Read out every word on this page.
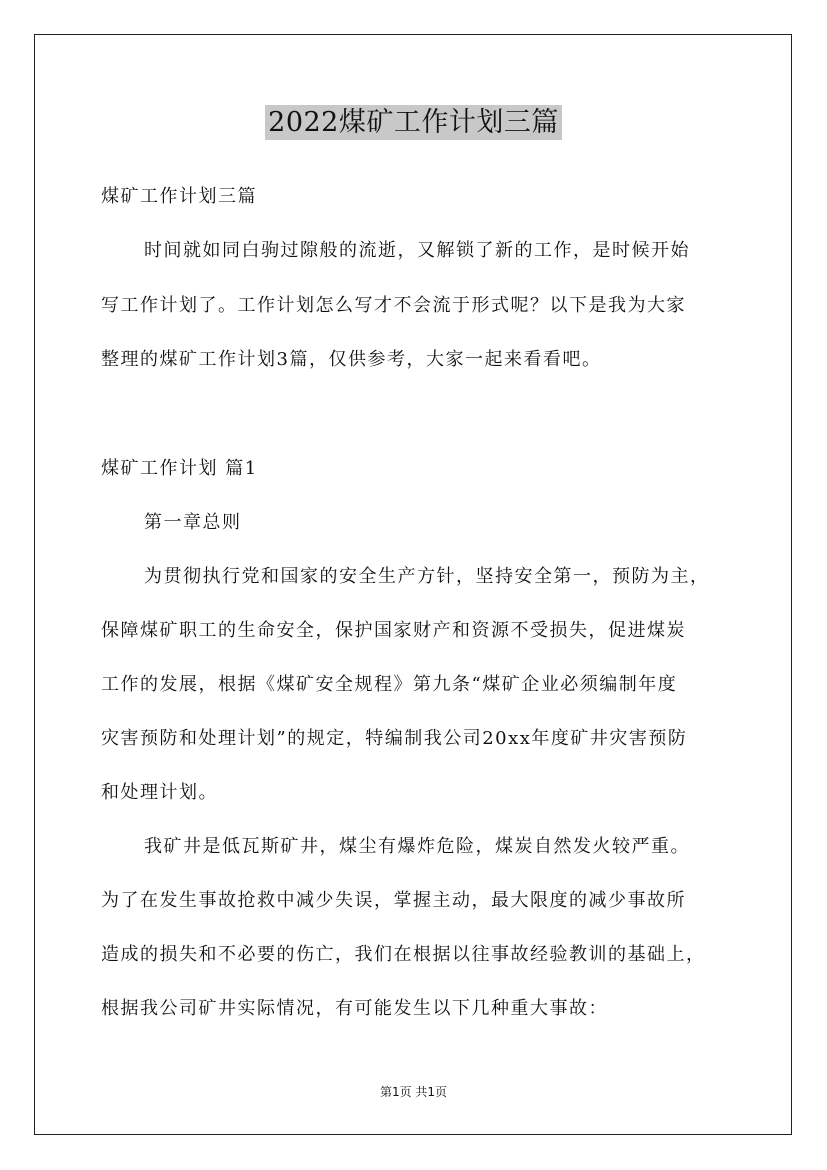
2022煤矿工作计划三篇
煤矿工作计划三篇
时间就如同白驹过隙般的流逝，又解锁了新的工作，是时候开始
写工作计划了。工作计划怎么写才不会流于形式呢？以下是我为大家
整理的煤矿工作计划3篇，仅供参考，大家一起来看看吧。
煤矿工作计划 篇1
第一章总则
为贯彻执行党和国家的安全生产方针，坚持安全第一，预防为主，
保障煤矿职工的生命安全，保护国家财产和资源不受损失，促进煤炭
工作的发展，根据《煤矿安全规程》第九条“煤矿企业必须编制年度
灾害预防和处理计划”的规定，特编制我公司20xx年度矿井灾害预防
和处理计划。
我矿井是低瓦斯矿井，煤尘有爆炸危险，煤炭自然发火较严重。
为了在发生事故抢救中减少失误，掌握主动，最大限度的减少事故所
造成的损失和不必要的伤亡，我们在根据以往事故经验教训的基础上，
根据我公司矿井实际情况，有可能发生以下几种重大事故：
第1页 共1页
